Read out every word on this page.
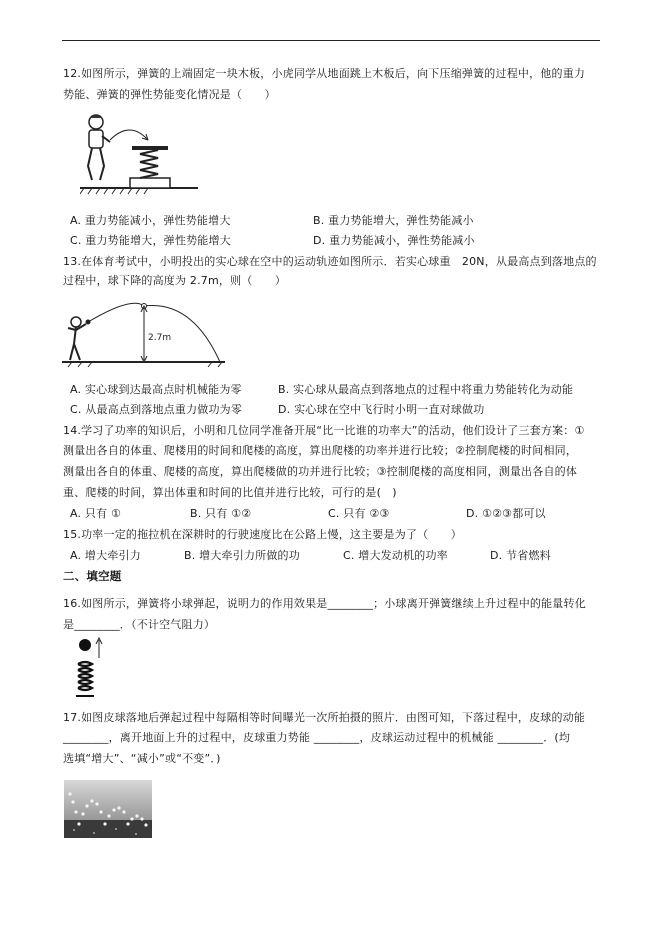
12.如图所示，弹簧的上端固定一块木板，小虎同学从地面跳上木板后，向下压缩弹簧的过程中，他的重力
势能、弹簧的弹性势能变化情况是（　　）
A. 重力势能减小，弹性势能增大	B. 重力势能增大，弹性势能减小
C. 重力势能增大，弹性势能增大	D. 重力势能减小，弹性势能减小
13.在体育考试中，小明投出的实心球在空中的运动轨迹如图所示．若实心球重　20N，从最高点到落地点的
过程中，球下降的高度为 2.7m，则（　　）
2.7m
A. 实心球到达最高点时机械能为零	B. 实心球从最高点到落地点的过程中将重力势能转化为动能
C. 从最高点到落地点重力做功为零	D. 实心球在空中飞行时小明一直对球做功
14.学习了功率的知识后，小明和几位同学准备开展“比一比谁的功率大”的活动，他们设计了三套方案：①
测量出各自的体重、爬楼用的时间和爬楼的高度，算出爬楼的功率并进行比较；②控制爬楼的时间相同，
测量出各自的体重、爬楼的高度，算出爬楼做的功并进行比较；③控制爬楼的高度相同，测量出各自的体
重、爬楼的时间，算出体重和时间的比值并进行比较，可行的是(　)
A. 只有 ①	B. 只有 ①②	C. 只有 ②③	D. ①②③都可以
15.功率一定的拖拉机在深耕时的行驶速度比在公路上慢，这主要是为了（　　）
A. 增大牵引力	B. 增大牵引力所做的功	C. 增大发动机的功率	D. 节省燃料
二、填空题
16.如图所示，弹簧将小球弹起，说明力的作用效果是________；小球离开弹簧继续上升过程中的能量转化
是________．（不计空气阻力）
17.如图皮球落地后弹起过程中每隔相等时间曝光一次所拍摄的照片．由图可知，下落过程中，皮球的动能
________，离开地面上升的过程中，皮球重力势能 ________，皮球运动过程中的机械能 ________．(均
选填“增大”、“减小”或“不变”．)
